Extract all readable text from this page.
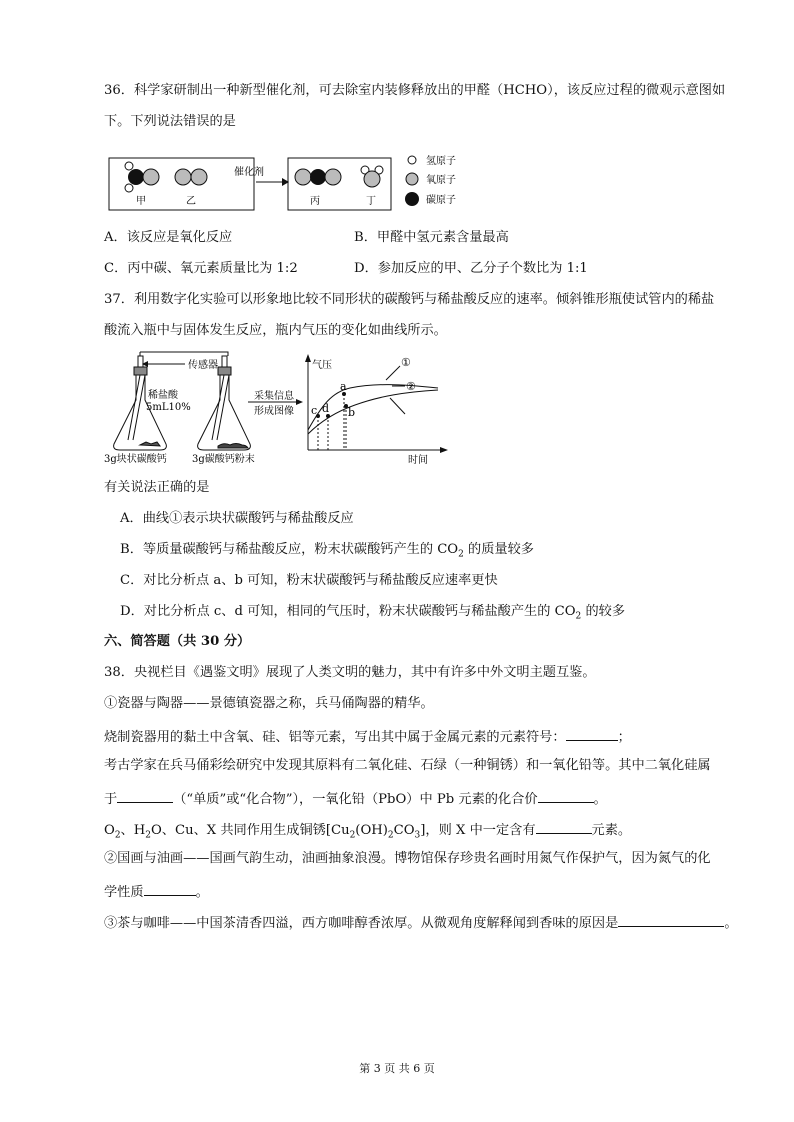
36．科学家研制出一种新型催化剂，可去除室内装修释放出的甲醛（HCHO），该反应过程的微观示意图如
下。下列说法错误的是
甲	乙
催化剂
丙	丁
氢原子
氧原子
碳原子
A．该反应是氧化反应	B．甲醛中氢元素含量最高
C．丙中碳、氧元素质量比为 1:2	D．参加反应的甲、乙分子个数比为 1:1
37．利用数字化实验可以形象地比较不同形状的碳酸钙与稀盐酸反应的速率。倾斜锥形瓶使试管内的稀盐
酸流入瓶中与固体发生反应，瓶内气压的变化如曲线所示。
传感器
稀盐酸
5mL10%
3g块状碳酸钙	3g碳酸钙粉末
采集信息
形成图像
气压
时间
a
b
c d
①
②
有关说法正确的是
A．曲线①表示块状碳酸钙与稀盐酸反应
B．等质量碳酸钙与稀盐酸反应，粉末状碳酸钙产生的 $CO_2$ 的质量较多
C．对比分析点 a、b 可知，粉末状碳酸钙与稀盐酸反应速率更快
D．对比分析点 c、d 可知，相同的气压时，粉末状碳酸钙与稀盐酸产生的 $CO_2$ 的较多
六、简答题（共 30 分）
38．央视栏目《遇鉴文明》展现了人类文明的魅力，其中有许多中外文明主题互鉴。
①瓷器与陶器——景德镇瓷器之称，兵马俑陶器的精华。
烧制瓷器用的黏土中含氧、硅、铝等元素，写出其中属于金属元素的元素符号：	；
考古学家在兵马俑彩绘研究中发现其原料有二氧化硅、石绿（一种铜锈）和一氧化铅等。其中二氧化硅属
于	（“单质”或“化合物”），一氧化铅（PbO）中 Pb 元素的化合价	。
$O_2$、$H_2O$、Cu、X 共同作用生成铜锈$[Cu_2(OH)_2CO_3]$，则 X 中一定含有	元素。
②国画与油画——国画气韵生动，油画抽象浪漫。博物馆保存珍贵名画时用氮气作保护气，因为氮气的化
学性质	。
③茶与咖啡——中国茶清香四溢，西方咖啡醇香浓厚。从微观角度解释闻到香味的原因是	。
第 3 页 共 6 页
